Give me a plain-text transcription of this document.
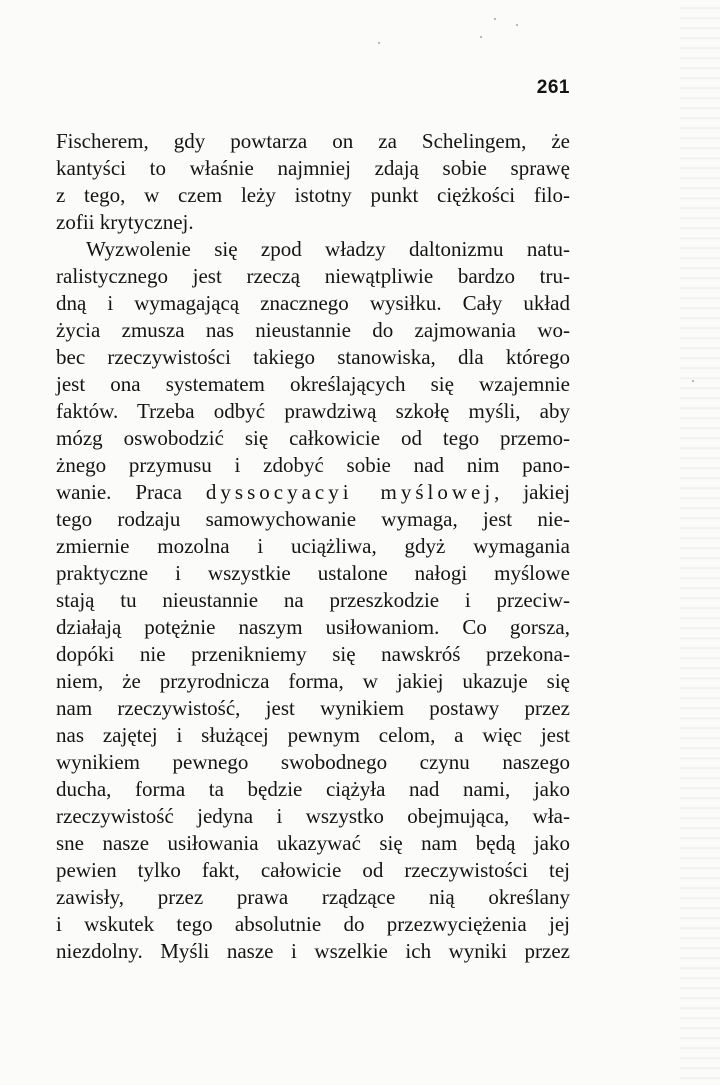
261
Fischerem, gdy powtarza on za Schelingem, że
kantyści to właśnie najmniej zdają sobie sprawę
z tego, w czem leży istotny punkt ciężkości filo-
zofii krytycznej.
Wyzwolenie się zpod władzy daltonizmu natu-
ralistycznego jest rzeczą niewątpliwie bardzo tru-
dną i wymagającą znacznego wysiłku. Cały układ
życia zmusza nas nieustannie do zajmowania wo-
bec rzeczywistości takiego stanowiska, dla którego
jest ona systematem określających się wzajemnie
faktów. Trzeba odbyć prawdziwą szkołę myśli, aby
mózg oswobodzić się całkowicie od tego przemo-
żnego przymusu i zdobyć sobie nad nim pano-
wanie. Praca dyssocyacyi myślowej, jakiej
tego rodzaju samowychowanie wymaga, jest nie-
zmiernie mozolna i uciążliwa, gdyż wymagania
praktyczne i wszystkie ustalone nałogi myślowe
stają tu nieustannie na przeszkodzie i przeciw-
działają potężnie naszym usiłowaniom. Co gorsza,
dopóki nie przenikniemy się nawskróś przekona-
niem, że przyrodnicza forma, w jakiej ukazuje się
nam rzeczywistość, jest wynikiem postawy przez
nas zajętej i służącej pewnym celom, a więc jest
wynikiem pewnego swobodnego czynu naszego
ducha, forma ta będzie ciążyła nad nami, jako
rzeczywistość jedyna i wszystko obejmująca, wła-
sne nasze usiłowania ukazywać się nam będą jako
pewien tylko fakt, całowicie od rzeczywistości tej
zawisły, przez prawa rządzące nią określany
i wskutek tego absolutnie do przezwyciężenia jej
niezdolny. Myśli nasze i wszelkie ich wyniki przez
